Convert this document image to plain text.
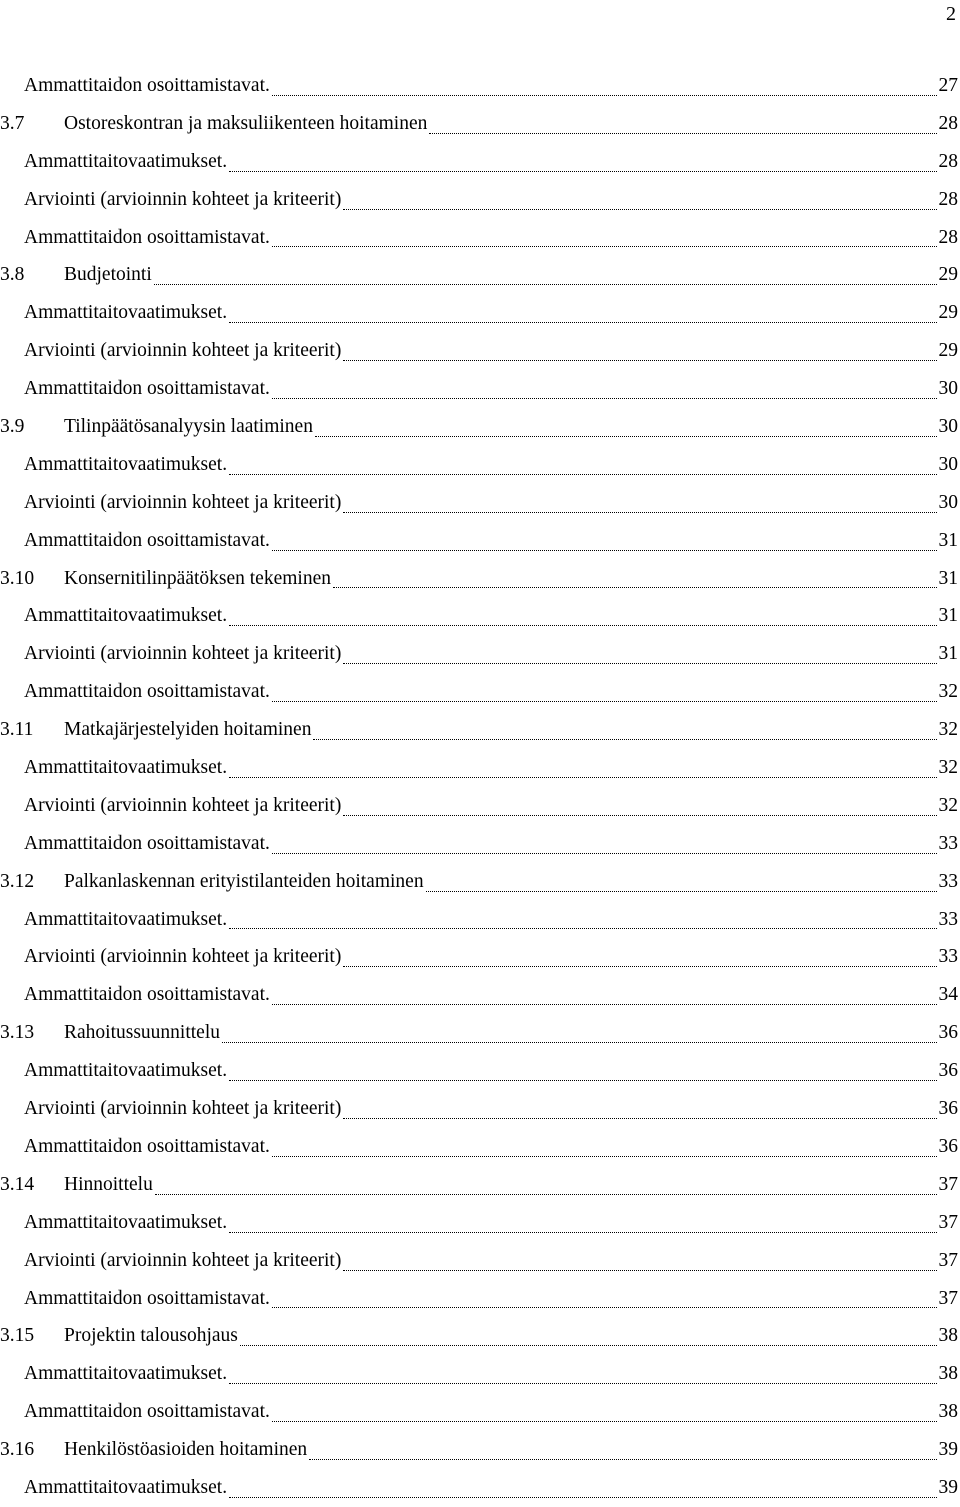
2
Ammattitaidon osoittamistavat.	27
3.7	Ostoreskontran ja maksuliikenteen hoitaminen	28
Ammattitaitovaatimukset.	28
Arviointi (arvioinnin kohteet ja kriteerit)	28
Ammattitaidon osoittamistavat.	28
3.8	Budjetointi	29
Ammattitaitovaatimukset.	29
Arviointi (arvioinnin kohteet ja kriteerit)	29
Ammattitaidon osoittamistavat.	30
3.9	Tilinpäätösanalyysin laatiminen	30
Ammattitaitovaatimukset.	30
Arviointi (arvioinnin kohteet ja kriteerit)	30
Ammattitaidon osoittamistavat.	31
3.10	Konsernitilinpäätöksen tekeminen	31
Ammattitaitovaatimukset.	31
Arviointi (arvioinnin kohteet ja kriteerit)	31
Ammattitaidon osoittamistavat.	32
3.11	Matkajärjestelyiden hoitaminen	32
Ammattitaitovaatimukset.	32
Arviointi (arvioinnin kohteet ja kriteerit)	32
Ammattitaidon osoittamistavat.	33
3.12	Palkanlaskennan erityistilanteiden hoitaminen	33
Ammattitaitovaatimukset.	33
Arviointi (arvioinnin kohteet ja kriteerit)	33
Ammattitaidon osoittamistavat.	34
3.13	Rahoitussuunnittelu	36
Ammattitaitovaatimukset.	36
Arviointi (arvioinnin kohteet ja kriteerit)	36
Ammattitaidon osoittamistavat.	36
3.14	Hinnoittelu	37
Ammattitaitovaatimukset.	37
Arviointi (arvioinnin kohteet ja kriteerit)	37
Ammattitaidon osoittamistavat.	37
3.15	Projektin talousohjaus	38
Ammattitaitovaatimukset.	38
Ammattitaidon osoittamistavat.	38
3.16	Henkilöstöasioiden hoitaminen	39
Ammattitaitovaatimukset.	39
